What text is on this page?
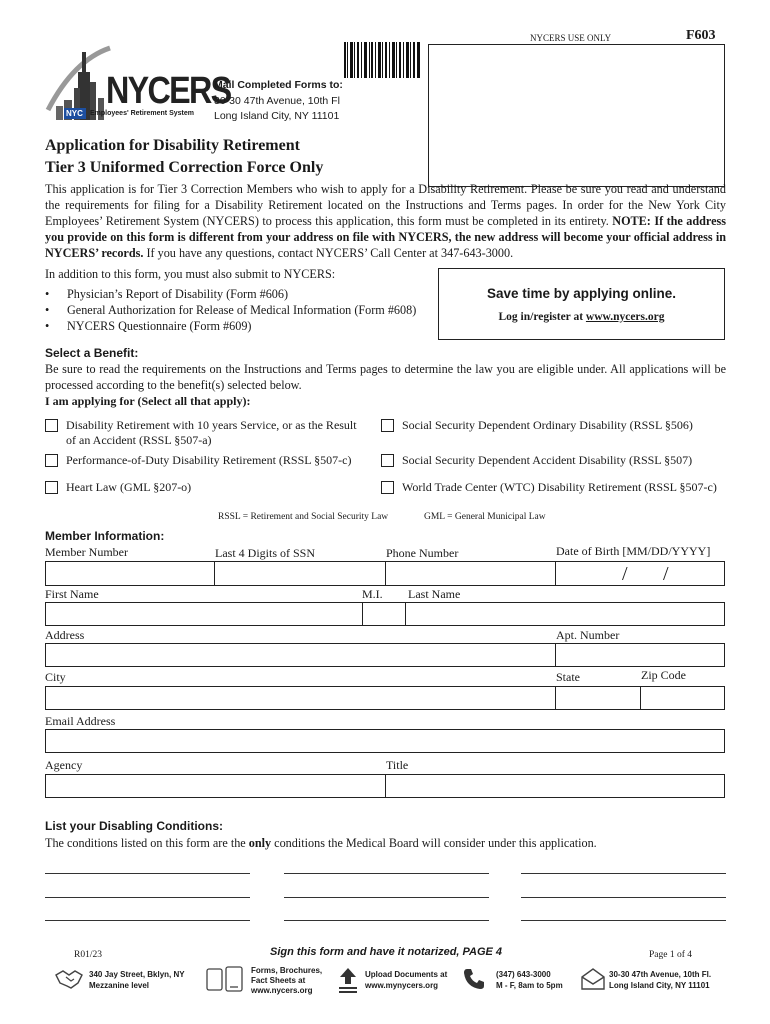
NYCERS
NYC Employees' Retirement System
Mail Completed Forms to:
30-30 47th Avenue, 10th Fl
Long Island City, NY 11101
NYCERS USE ONLY	F603
Application for Disability Retirement
Tier 3 Uniformed Correction Force Only
This application is for Tier 3 Correction Members who wish to apply for a Disability Retirement. Please be sure you read and understand the requirements for filing for a Disability Retirement located on the Instructions and Terms pages. In order for the New York City Employees’ Retirement System (NYCERS) to process this application, this form must be completed in its entirety. NOTE: If the address you provide on this form is different from your address on file with NYCERS, the new address will become your official address in NYCERS’ records. If you have any questions, contact NYCERS’ Call Center at 347-643-3000.
In addition to this form, you must also submit to NYCERS:
• Physician’s Report of Disability (Form #606)
• General Authorization for Release of Medical Information (Form #608)
• NYCERS Questionnaire (Form #609)
Save time by applying online.
Log in/register at www.nycers.org
Select a Benefit:
Be sure to read the requirements on the Instructions and Terms pages to determine the law you are eligible under. All applications will be processed according to the benefit(s) selected below.
I am applying for (Select all that apply):
Disability Retirement with 10 years Service, or as the Result
of an Accident (RSSL §507-a)
Social Security Dependent Ordinary Disability (RSSL §506)
Performance-of-Duty Disability Retirement (RSSL §507-c)	Social Security Dependent Accident Disability (RSSL §507)
Heart Law (GML §207-o)	World Trade Center (WTC) Disability Retirement (RSSL §507-c)
RSSL = Retirement and Social Security Law	GML = General Municipal Law
Member Information:
Member Number	Last 4 Digits of SSN	Phone Number	Date of Birth [MM/DD/YYYY]
/ /
First Name	M.I. Last Name
Address	Apt. Number
City	State	Zip Code
Email Address
Agency	Title
List your Disabling Conditions:
The conditions listed on this form are the only conditions the Medical Board will consider under this application.
R01/23	Sign this form and have it notarized, PAGE 4	Page 1 of 4
340 Jay Street, Bklyn, NY
Mezzanine level
Forms, Brochures,
Fact Sheets at
www.nycers.org
Upload Documents at
www.mynycers.org
(347) 643-3000
M - F, 8am to 5pm
30-30 47th Avenue, 10th Fl.
Long Island City, NY 11101
